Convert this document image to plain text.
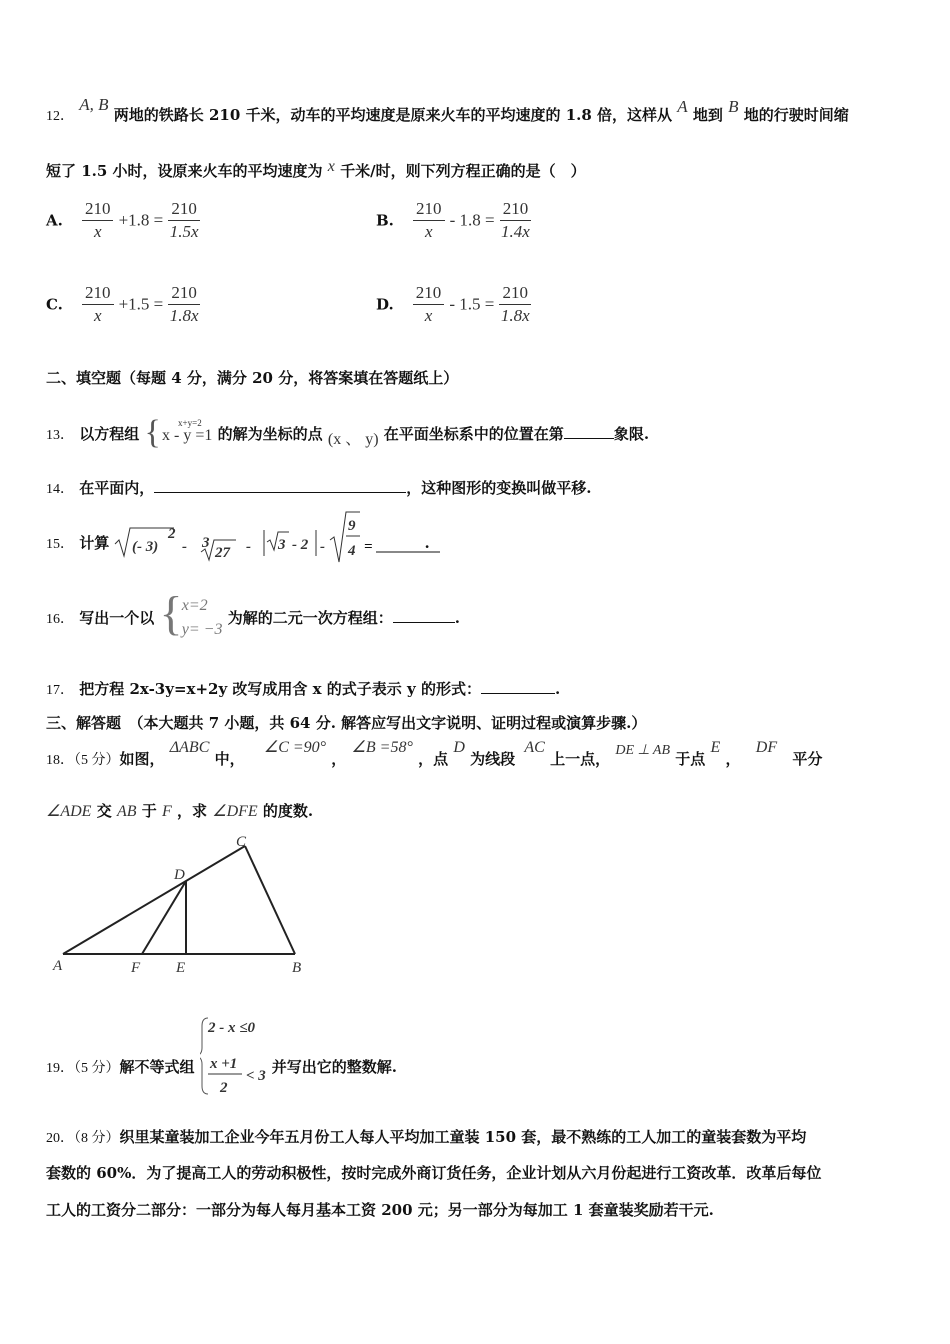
12． A, B 两地的铁路长 210 千米，动车的平均速度是原来火车的平均速度的 1.8 倍，这样从 A 地到 B 地的行驶时间缩
短了 1.5 小时，设原来火车的平均速度为 x 千米/时，则下列方程正确的是（　）
A. $\frac{210}{x} +1.8 = \frac{210}{1.5x}$	B. $\frac{210}{x} - 1.8 = \frac{210}{1.4x}$
C. $\frac{210}{x} +1.5 = \frac{210}{1.8x}$	D. $\frac{210}{x} - 1.5 = \frac{210}{1.8x}$
二、填空题（每题 4 分，满分 20 分，将答案填在答题纸上）
13． 以方程组 { x+y=2
x - y =1 的解为坐标的点 (x 、 y) 在平面坐标系中的位置在第	象限.
14． 在平面内，	，这种图形的变换叫做平移.
15． 计算 (- 3)
2
- 3
27 - 3 - 2 -
9
4 =	.
16． 写出一个以 { x=2
y= −3
为解的二元一次方程组：	.
17． 把方程 2x-3y=x+2y 改写成用含 x 的式子表示 y 的形式：	.
三、解答题　（本大题共 7 小题，共 64 分. 解答应写出文字说明、证明过程或演算步骤.）
18．（5 分）如图， ΔABC 中， ∠C =90° ， ∠B =58° ，点 D 为线段 AC 上一点， DE ⊥ AB 于点 E ， DF 平分
∠ADE 交 AB 于 F ，求 ∠DFE 的度数.
A	F E	B
D
C
19．（5 分）解不等式组
2 - x ≤0
x +1
2
< 3 并写出它的整数解.
20．（8 分）织里某童装加工企业今年五月份工人每人平均加工童装 150 套，最不熟练的工人加工的童装套数为平均
套数的 60%．为了提高工人的劳动积极性，按时完成外商订货任务，企业计划从六月份起进行工资改革．改革后每位
工人的工资分二部分：一部分为每人每月基本工资 200 元；另一部分为每加工 1 套童装奖励若干元.
